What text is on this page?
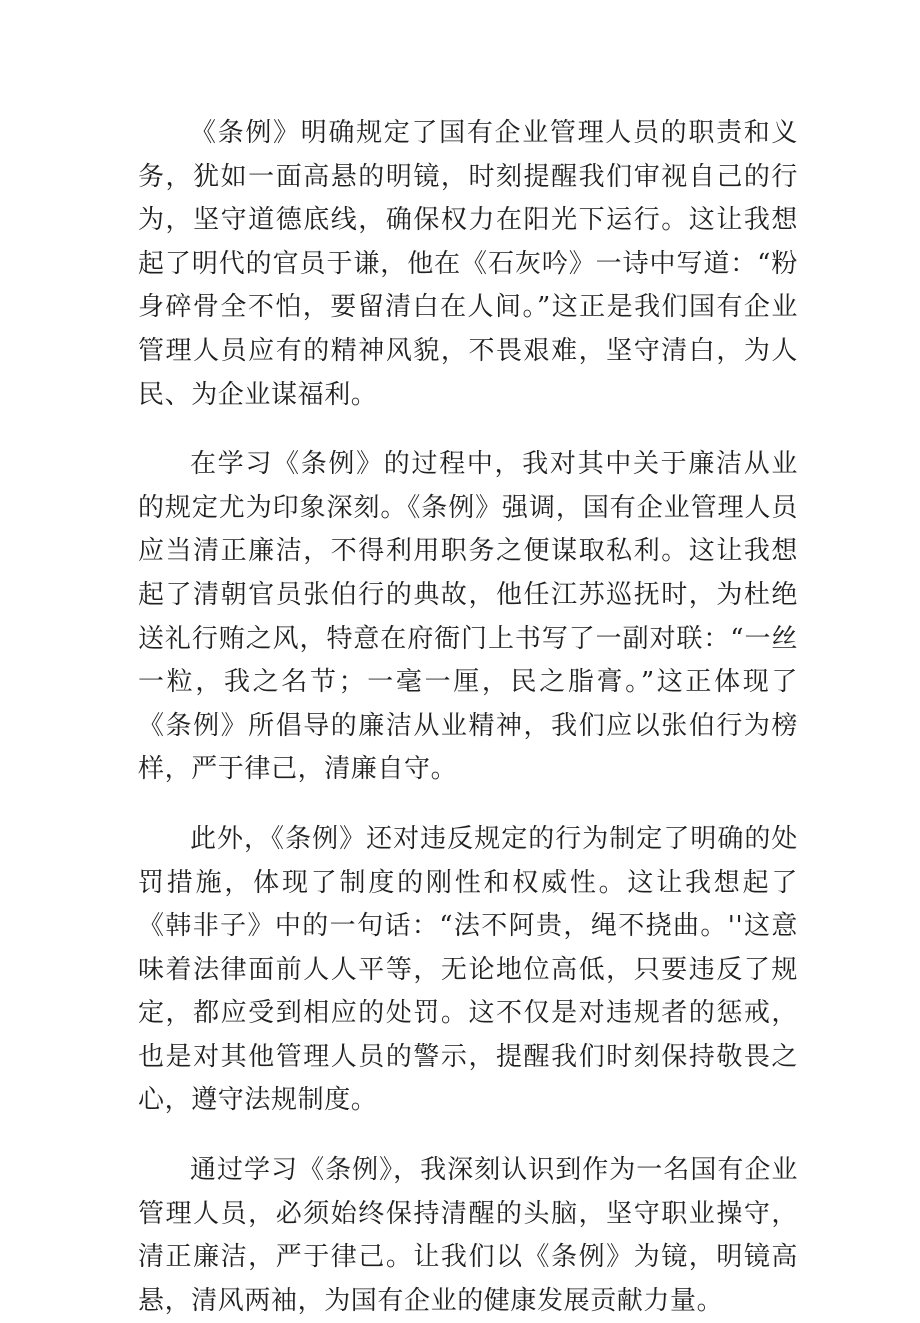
《条例》明确规定了国有企业管理人员的职责和义务，犹如一面高悬的明镜，时刻提醒我们审视自己的行为，坚守道德底线，确保权力在阳光下运行。这让我想起了明代的官员于谦，他在《石灰吟》一诗中写道：“粉身碎骨全不怕，要留清白在人间。”这正是我们国有企业管理人员应有的精神风貌，不畏艰难，坚守清白，为人民、为企业谋福利。

在学习《条例》的过程中，我对其中关于廉洁从业的规定尤为印象深刻。《条例》强调，国有企业管理人员应当清正廉洁，不得利用职务之便谋取私利。这让我想起了清朝官员张伯行的典故，他任江苏巡抚时，为杜绝送礼行贿之风，特意在府衙门上书写了一副对联：“一丝一粒，我之名节；一毫一厘，民之脂膏。”这正体现了《条例》所倡导的廉洁从业精神，我们应以张伯行为榜样，严于律己，清廉自守。

此外，《条例》还对违反规定的行为制定了明确的处罚措施，体现了制度的刚性和权威性。这让我想起了《韩非子》中的一句话：“法不阿贵，绳不挠曲。''这意味着法律面前人人平等，无论地位高低，只要违反了规定，都应受到相应的处罚。这不仅是对违规者的惩戒，也是对其他管理人员的警示，提醒我们时刻保持敬畏之心，遵守法规制度。

通过学习《条例》，我深刻认识到作为一名国有企业管理人员，必须始终保持清醒的头脑，坚守职业操守，清正廉洁，严于律己。让我们以《条例》为镜，明镜高悬，清风两袖，为国有企业的健康发展贡献力量。
